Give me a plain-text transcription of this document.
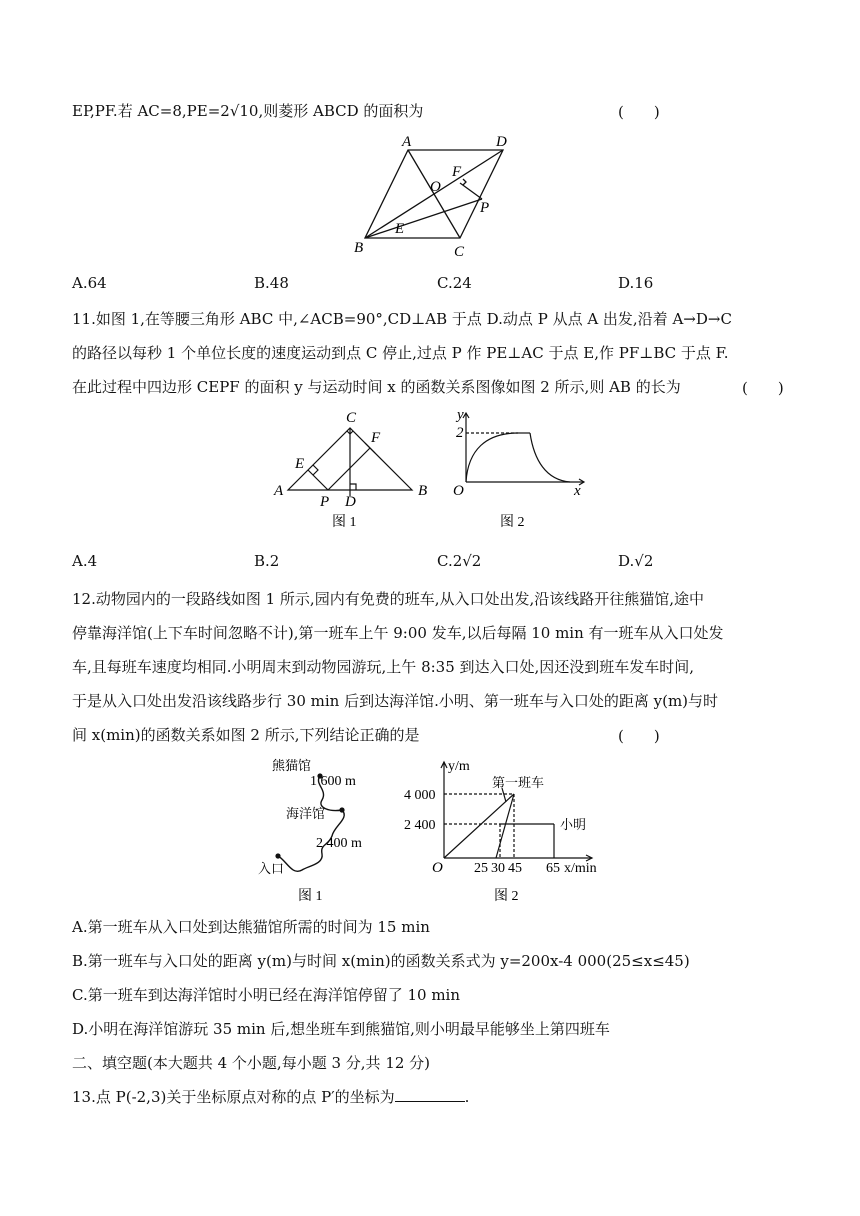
EP,PF.若 AC=8,PE=2√10,则菱形 ABCD 的面积为	(　　)
A	D
B	C
O
F
P
E
A.64	B.48	C.24	D.16
11.如图 1,在等腰三角形 ABC 中,∠ACB=90°,CD⊥AB 于点 D.动点 P 从点 A 出发,沿着 A→D→C
的路径以每秒 1 个单位长度的速度运动到点 C 停止,过点 P 作 PE⊥AC 于点 E,作 PF⊥BC 于点 F.
在此过程中四边形 CEPF 的面积 y 与运动时间 x 的函数关系图像如图 2 所示,则 AB 的长为	(　　)
C
A	B
E
F
P D
图 1
y
2
O	x
图 2
A.4	B.2	C.2√2	D.√2
12.动物园内的一段路线如图 1 所示,园内有免费的班车,从入口处出发,沿该线路开往熊猫馆,途中
停靠海洋馆(上下车时间忽略不计),第一班车上午 9:00 发车,以后每隔 10 min 有一班车从入口处发
车,且每班车速度均相同.小明周末到动物园游玩,上午 8:35 到达入口处,因还没到班车发车时间,
于是从入口处出发沿该线路步行 30 min 后到达海洋馆.小明、第一班车与入口处的距离 y(m)与时
间 x(min)的函数关系如图 2 所示,下列结论正确的是	(　　)
熊猫馆
1 600 m
海洋馆
2 400 m
入口
图 1
y/m
4 000
2 400
第一班车
小明
O 25 30 45 65 x/min
图 2
A.第一班车从入口处到达熊猫馆所需的时间为 15 min
B.第一班车与入口处的距离 y(m)与时间 x(min)的函数关系式为 y=200x-4 000(25≤x≤45)
C.第一班车到达海洋馆时小明已经在海洋馆停留了 10 min
D.小明在海洋馆游玩 35 min 后,想坐班车到熊猫馆,则小明最早能够坐上第四班车
二、填空题(本大题共 4 个小题,每小题 3 分,共 12 分)
13.点 P(-2,3)关于坐标原点对称的点 P′的坐标为	.
